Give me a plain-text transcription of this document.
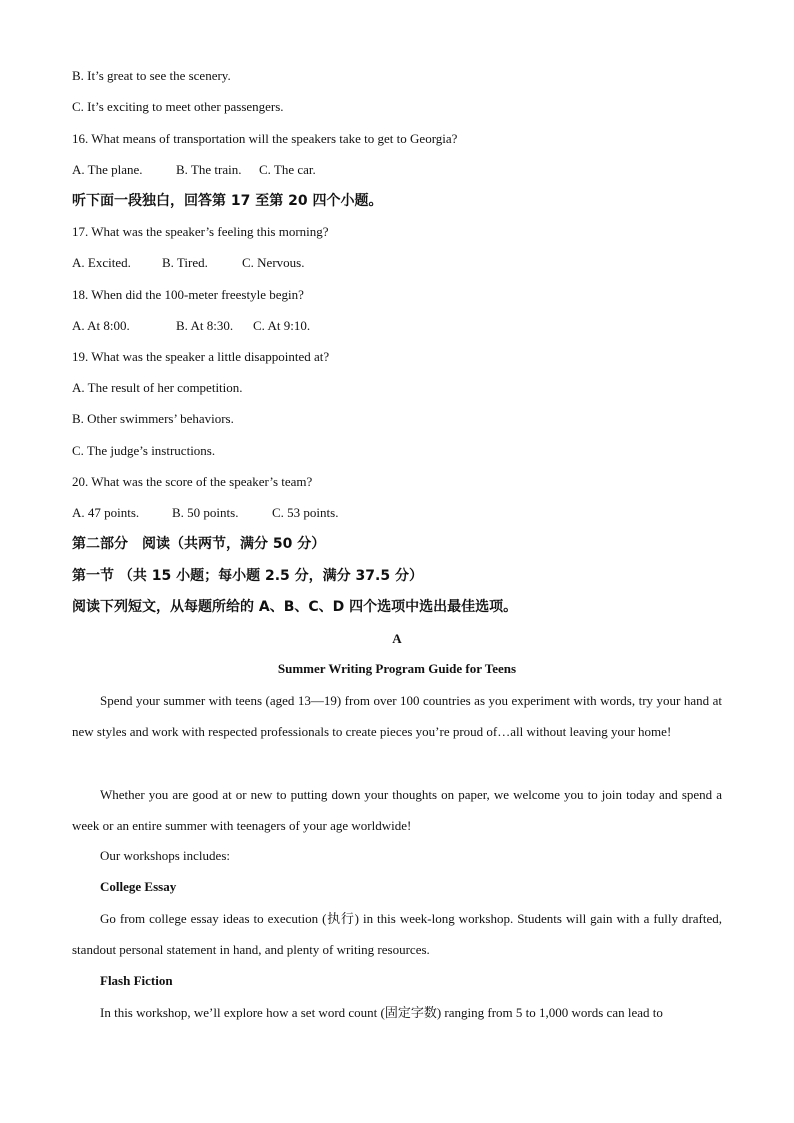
B. It’s great to see the scenery.
C. It’s exciting to meet other passengers.
16. What means of transportation will the speakers take to get to Georgia?
A. The plane.	B. The train. C. The car.
听下面一段独白，回答第 17 至第 20 四个小题。
17. What was the speaker’s feeling this morning?
A. Excited. B. Tired.	C. Nervous.
18. When did the 100-meter freestyle begin?
A. At 8:00.	B. At 8:30. C. At 9:10.
19. What was the speaker a little disappointed at?
A. The result of her competition.
B. Other swimmers’ behaviors.
C. The judge’s instructions.
20. What was the score of the speaker’s team?
A. 47 points.	B. 50 points.	C. 53 points.
第二部分　阅读（共两节，满分 50 分）
第一节 （共 15 小题；每小题 2.5 分，满分 37.5 分）
阅读下列短文，从每题所给的 A、B、C、D 四个选项中选出最佳选项。
A
Summer Writing Program Guide for Teens
Spend your summer with teens (aged 13—19) from over 100 countries as you experiment with words, try your hand at new styles and work with respected professionals to create pieces you’re proud of…all without leaving your home!
Whether you are good at or new to putting down your thoughts on paper, we welcome you to join today and spend a week or an entire summer with teenagers of your age worldwide!
Our workshops includes:
College Essay
Go from college essay ideas to execution (执行) in this week-long workshop. Students will gain with a fully drafted, standout personal statement in hand, and plenty of writing resources.
Flash Fiction
In this workshop, we’ll explore how a set word count (固定字数) ranging from 5 to 1,000 words can lead to
